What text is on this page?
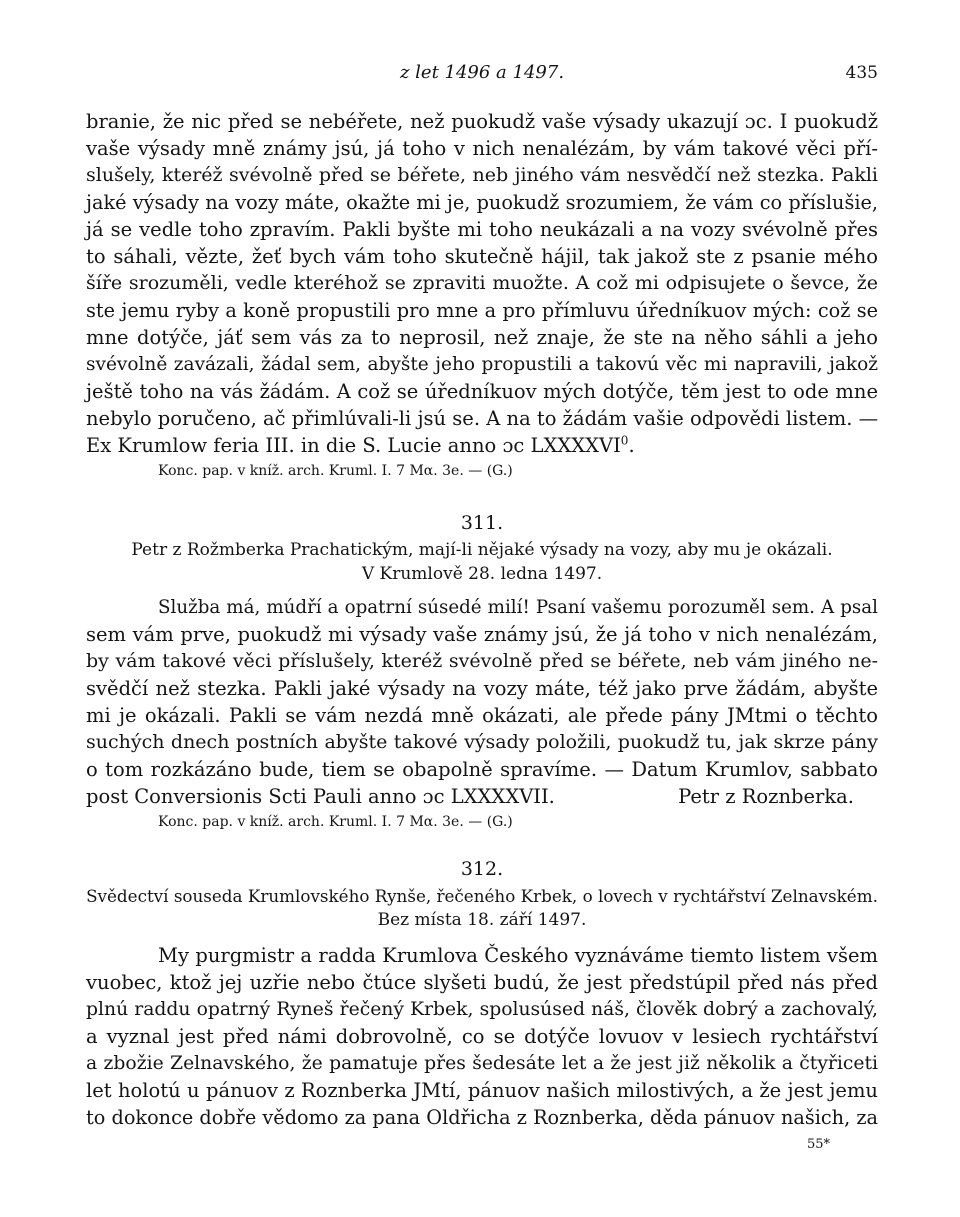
z let 1496 a 1497.	435
branie, že nic před se nebéřete, než puokudž vaše výsady ukazují ɔc. I puokudž
vaše výsady mně známy jsú, já toho v nich nenalézám, by vám takové věci pří-
slušely, kteréž svévolně před se béřete, neb jiného vám nesvědčí než stezka. Pakli
jaké výsady na vozy máte, okažte mi je, puokudž srozumiem, že vám co příslušie,
já se vedle toho zpravím. Pakli byšte mi toho neukázali a na vozy svévolně přes
to sáhali, vězte, žeť bych vám toho skutečně hájil, tak jakož ste z psanie mého
šíře srozuměli, vedle kteréhož se zpraviti muožte. A což mi odpisujete o ševce, že
ste jemu ryby a koně propustili pro mne a pro přímluvu úředníkuov mých: což se
mne dotýče, jáť sem vás za to neprosil, než znaje, že ste na něho sáhli a jeho
svévolně zavázali, žádal sem, abyšte jeho propustili a takovú věc mi napravili, jakož
ještě toho na vás žádám. A což se úředníkuov mých dotýče, těm jest to ode mne
nebylo poručeno, ač přimlúvali-li jsú se. A na to žádám vašie odpovědi listem. —
Ex Krumlow feria III. in die S. Lucie anno ɔc LXXXXVI$^0$.
Konc. pap. v kníž. arch. Kruml. I. 7 Mα. 3e. — (G.)
311.
Petr z Rožmberka Prachatickým, mají-li nějaké výsady na vozy, aby mu je okázali.
V Krumlově 28. ledna 1497.
Služba má, múdří a opatrní súsedé milí! Psaní vašemu porozuměl sem. A psal
sem vám prve, puokudž mi výsady vaše známy jsú, že já toho v nich nenalézám,
by vám takové věci příslušely, kteréž svévolně před se béřete, neb vám jiného ne-
svědčí než stezka. Pakli jaké výsady na vozy máte, též jako prve žádám, abyšte
mi je okázali. Pakli se vám nezdá mně okázati, ale přede pány JMtmi o těchto
suchých dnech postních abyšte takové výsady položili, puokudž tu, jak skrze pány
o tom rozkázáno bude, tiem se obapolně spravíme. — Datum Krumlov, sabbato
post Conversionis Scti Pauli anno ɔc LXXXXVII.	Petr z Roznberka.
Konc. pap. v kníž. arch. Kruml. I. 7 Mα. 3e. — (G.)
312.
Svědectví souseda Krumlovského Rynše, řečeného Krbek, o lovech v rychtářství Zelnavském.
Bez místa 18. září 1497.
My purgmistr a radda Krumlova Českého vyznáváme tiemto listem všem
vuobec, ktož jej uzřie nebo čtúce slyšeti budú, že jest předstúpil před nás před
plnú raddu opatrný Ryneš řečený Krbek, spolusúsed náš, člověk dobrý a zachovalý,
a vyznal jest před námi dobrovolně, co se dotýče lovuov v lesiech rychtářství
a zbožie Zelnavského, že pamatuje přes šedesáte let a že jest již několik a čtyřiceti
let holotú u pánuov z Roznberka JMtí, pánuov našich milostivých, a že jest jemu
to dokonce dobře vědomo za pana Oldřicha z Roznberka, děda pánuov našich, za
55*
